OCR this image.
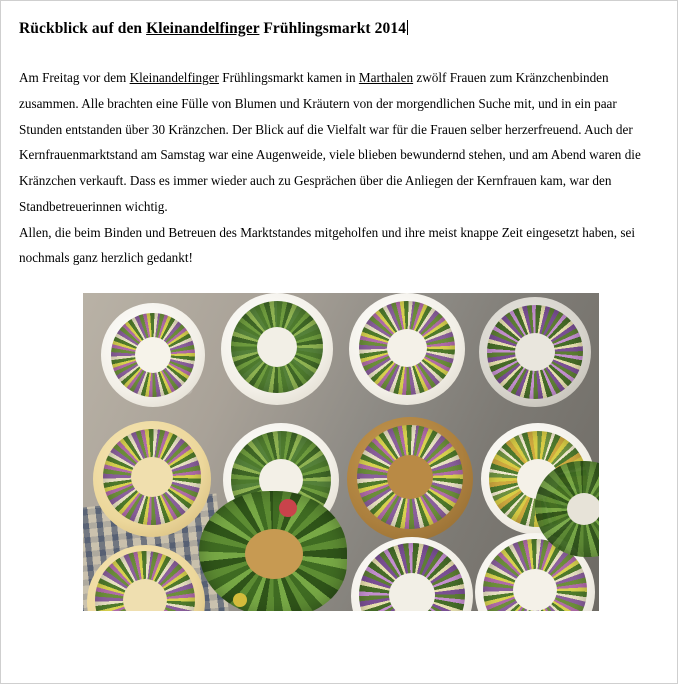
Rückblick auf den Kleinandelfinger Frühlingsmarkt 2014

Am Freitag vor dem Kleinandelfinger Frühlingsmarkt kamen in Marthalen zwölf Frauen zum Kränzchenbinden zusammen. Alle brachten eine Fülle von Blumen und Kräutern von der morgendlichen Suche mit, und in ein paar Stunden entstanden über 30 Kränzchen. Der Blick auf die Vielfalt war für die Frauen selber herzerfreuend. Auch der Kernfrauenmarktstand am Samstag war eine Augenweide, viele blieben bewundernd stehen, und am Abend waren die Kränzchen verkauft. Dass es immer wieder auch zu Gesprächen über die Anliegen der Kernfrauen kam, war den Standbetreuerinnen wichtig.

Allen, die beim Binden und Betreuen des Marktstandes mitgeholfen und ihre meist knappe Zeit eingesetzt haben, sei nochmals ganz herzlich gedankt!
